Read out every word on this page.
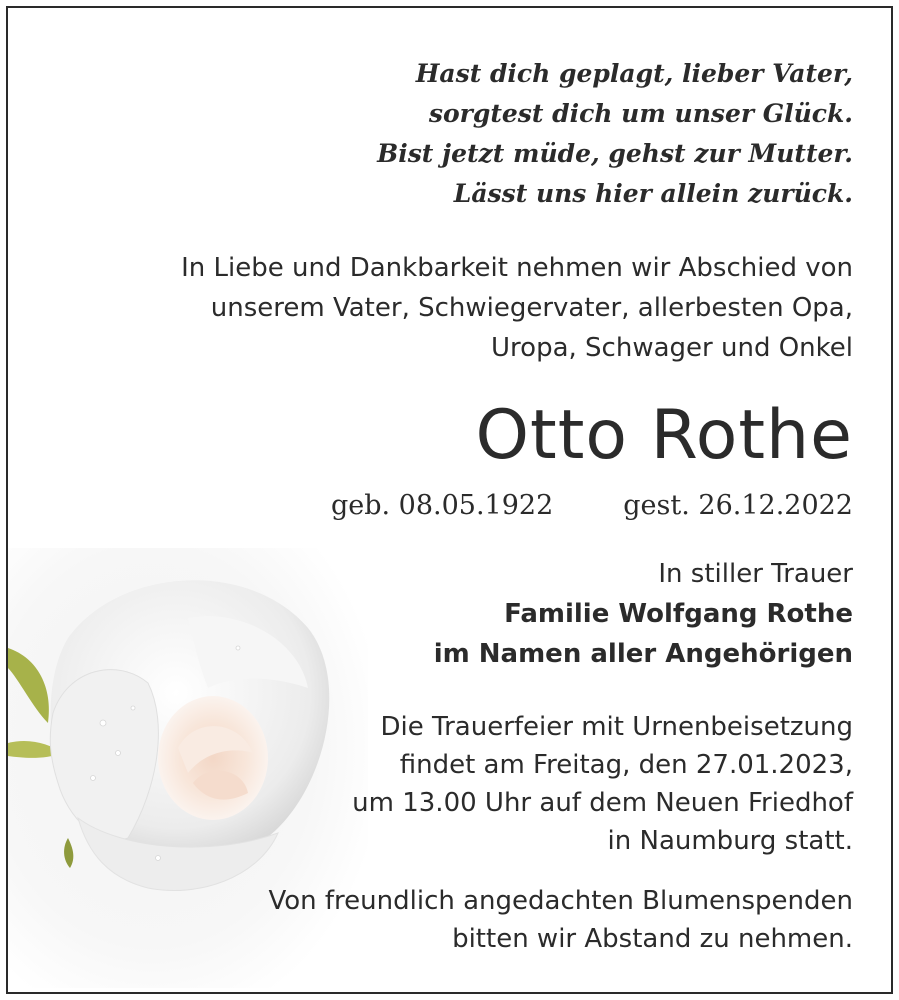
Hast dich geplagt, lieber Vater,
sorgtest dich um unser Glück.
Bist jetzt müde, gehst zur Mutter.
Lässt uns hier allein zurück.
In Liebe und Dankbarkeit nehmen wir Abschied von
unserem Vater, Schwiegervater, allerbesten Opa,
Uropa, Schwager und Onkel
Otto Rothe
geb. 08.05.1922	gest. 26.12.2022
In stiller Trauer
Familie Wolfgang Rothe
im Namen aller Angehörigen
Die Trauerfeier mit Urnenbeisetzung
findet am Freitag, den 27.01.2023,
um 13.00 Uhr auf dem Neuen Friedhof
in Naumburg statt.
Von freundlich angedachten Blumenspenden
bitten wir Abstand zu nehmen.
